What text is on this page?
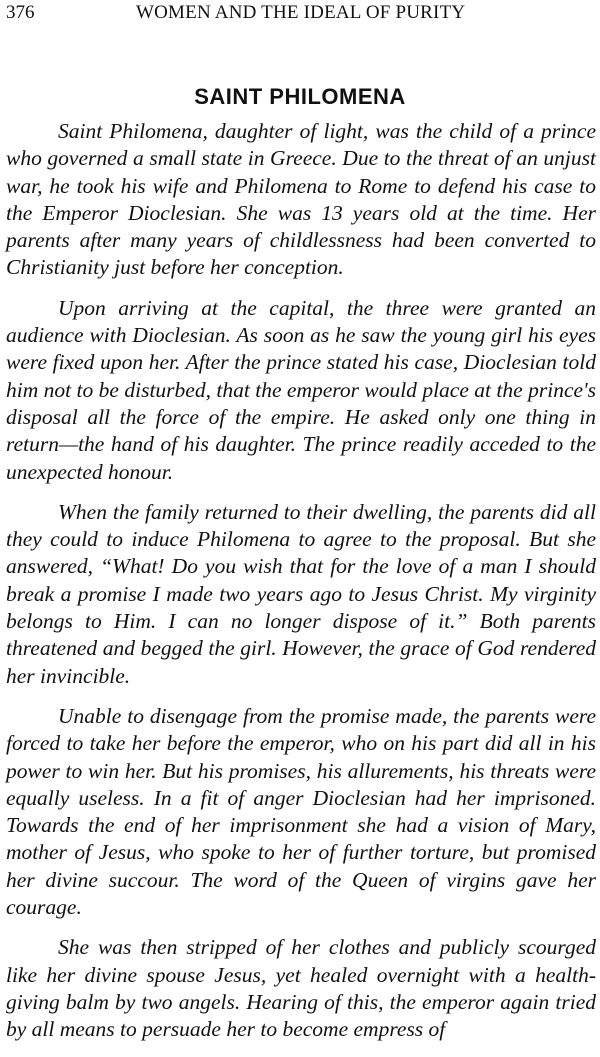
376	WOMEN AND THE IDEAL OF PURITY
SAINT PHILOMENA

Saint Philomena, daughter of light, was the child of a prince who governed a small state in Greece. Due to the threat of an unjust war, he took his wife and Philomena to Rome to defend his case to the Emperor Dioclesian. She was 13 years old at the time. Her parents after many years of childlessness had been converted to Christianity just before her conception.

Upon arriving at the capital, the three were granted an audience with Dioclesian. As soon as he saw the young girl his eyes were fixed upon her. After the prince stated his case, Dioclesian told him not to be disturbed, that the emperor would place at the prince's disposal all the force of the empire. He asked only one thing in return—the hand of his daughter. The prince readily acceded to the unexpected honour.

When the family returned to their dwelling, the parents did all they could to induce Philomena to agree to the proposal. But she answered, “What! Do you wish that for the love of a man I should break a promise I made two years ago to Jesus Christ. My virginity belongs to Him. I can no longer dispose of it.” Both parents threatened and begged the girl. However, the grace of God rendered her invincible.

Unable to disengage from the promise made, the parents were forced to take her before the emperor, who on his part did all in his power to win her. But his promises, his allurements, his threats were equally useless. In a fit of anger Dioclesian had her imprisoned. Towards the end of her imprisonment she had a vision of Mary, mother of Jesus, who spoke to her of further torture, but promised her divine succour. The word of the Queen of virgins gave her courage.

She was then stripped of her clothes and publicly scourged like her divine spouse Jesus, yet healed overnight with a health-giving balm by two angels. Hearing of this, the emperor again tried by all means to persuade her to become empress of
